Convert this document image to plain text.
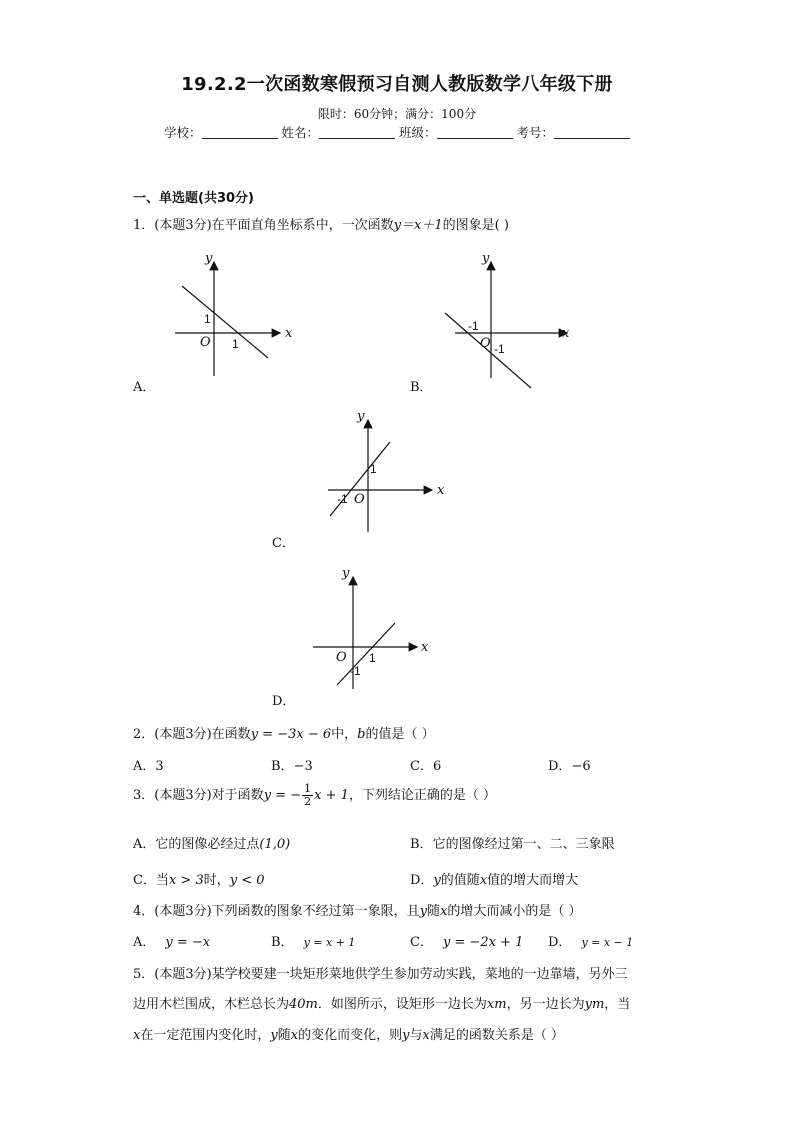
19.2.2一次函数寒假预习自测人教版数学八年级下册
限时：60分钟；满分：100分
学校：	姓名：	班级：	考号：
一、单选题(共30分)
1．(本题3分)在平面直角坐标系中，一次函数y＝x＋1的图象是( )
x
y
O
1
1
A．
x
y
-1
O -1
B．
x
y
1
-1 O
C．
x
y
O 1
-1
D．
2．(本题3分)在函数y = −3x − 6中，b的值是（ ）
A．3	B．−3	C．6	D．−6
3．(本题3分)对于函数y = − $\frac{1}{2}$ x + 1，下列结论正确的是（ ）
A．它的图像必经过点(1,0)	B．它的图像经过第一、二、三象限
C．当x > 3时，y < 0	D．y的值随x值的增大而增大
4．(本题3分)下列函数的图象不经过第一象限，且y随x的增大而减小的是（ ）
A． y = −x	B． y = x + 1	C． y = −2x + 1 D． y = x − 1
5．(本题3分)某学校要建一块矩形菜地供学生参加劳动实践，菜地的一边靠墙，另外三
边用木栏围成，木栏总长为40m．如图所示，设矩形一边长为xm，另一边长为ym，当
x在一定范围内变化时，y随x的变化而变化，则y与x满足的函数关系是（ ）
